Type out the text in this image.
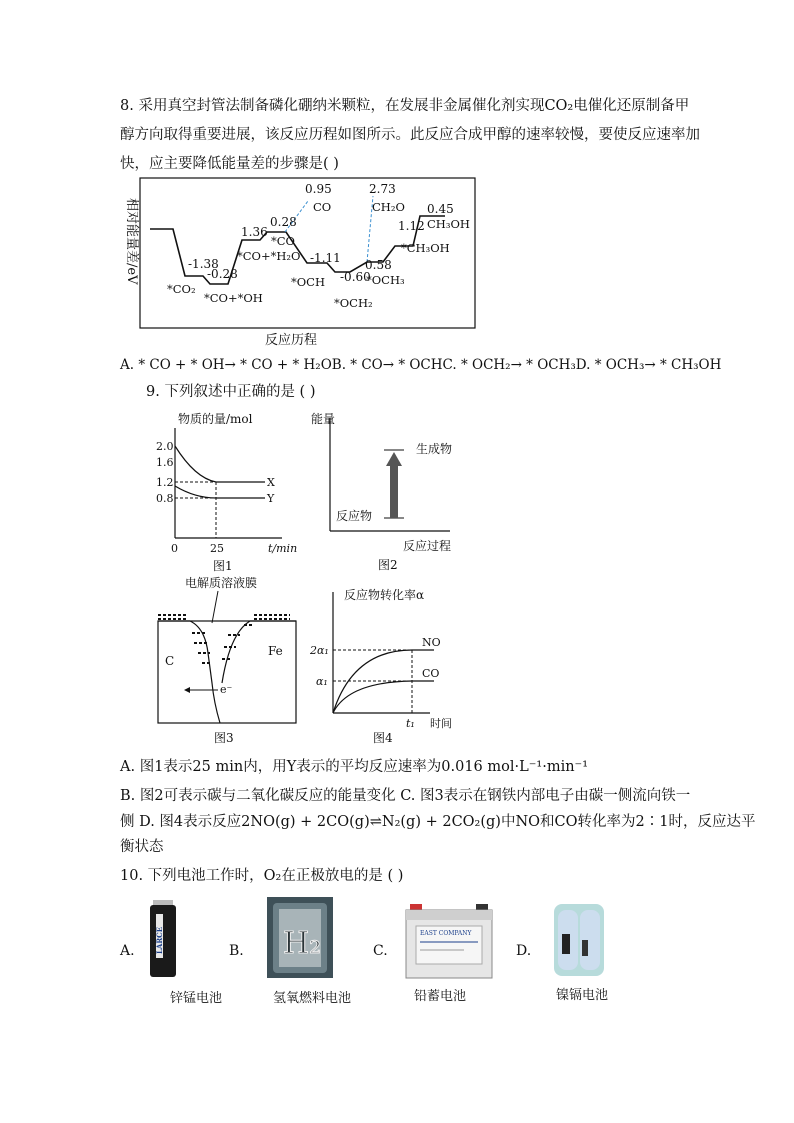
8. 采用真空封管法制备磷化硼纳米颗粒，在发展非金属催化剂实现CO₂电催化还原制备甲
醇方向取得重要进展，该反应历程如图所示。此反应合成甲醇的速率较慢，要使反应速率加
快，应主要降低能量差的步骤是( )
相对能量差/eV	-1.38
-0.28
1.36
0.28
-1.11
-0.60
0.58
1.12
0.45
0.95	2.73
*CO₂
*CO+*OH
*CO+*H₂O
*CO
*OCH
*OCH₂
*OCH₃
*CH₃OH
CH₃OH
CO	CH₂O
反应历程
A. * CO + * OH→ * CO + * H₂OB. * CO→ * OCHC. * OCH₂→ * OCH₃D. * OCH₃→ * CH₃OH
9. 下列叙述中正确的是 ( )
物质的量/mol
2.0
1.6
1.2
0.8
X
Y
0	25	t/min
图1
能量
生成物
反应物
反应过程
图2
电解质溶液膜
C
Fe
e⁻
图3
反应物转化率α
2α₁
α₁
NO
CO
t₁ 时间
图4
A. 图1表示25 min内，用Y表示的平均反应速率为0.016 mol·L⁻¹·min⁻¹
B. 图2可表示碳与二氧化碳反应的能量变化 C. 图3表示在钢铁内部电子由碳一侧流向铁一
侧 D. 图4表示反应2NO(g) + 2CO(g)⇌N₂(g) + 2CO₂(g)中NO和CO转化率为2∶1时，反应达平
衡状态
10. 下列电池工作时，O₂在正极放电的是 ( )
A.	LARCE
锌锰电池
B. H₂
氢氧燃料电池
C.
EAST COMPANY
铅蓄电池
D.
镍镉电池
